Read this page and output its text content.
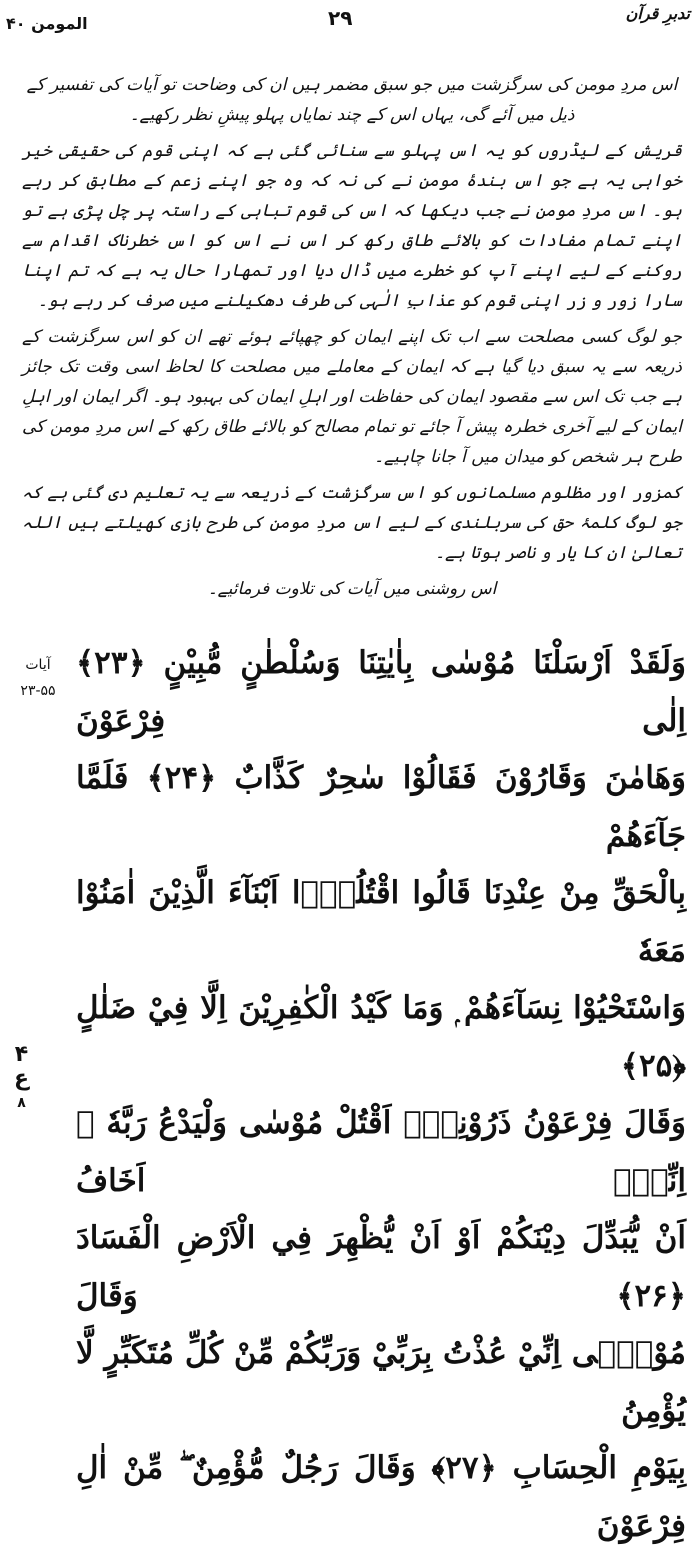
المومن ۴۰	۲۹	تدبرِ قرآن

اس مردِ مومن کی سرگزشت میں جو سبق مضمر ہیں ان کی وضاحت تو آیات کی تفسیر کے ذیل میں آئے گی، یہاں اس کے چند نمایاں پہلو پیشِ نظر رکھیے۔

قریش کے لیڈروں کو یہ اس پہلو سے سنائی گئی ہے کہ اپنی قوم کی حقیقی خیر خواہی یہ ہے جو اس بندۂ مومن نے کی نہ کہ وہ جو اپنے زعم کے مطابق کر رہے ہو۔ اس مردِ مومن نے جب دیکھا کہ اس کی قوم تباہی کے راستہ پر چل پڑی ہے تو اپنے تمام مفادات کو بالائے طاق رکھ کر اس نے اس کو اس خطرناک اقدام سے روکنے کے لیے اپنے آپ کو خطرے میں ڈال دیا اور تمھارا حال یہ ہے کہ تم اپنا سارا زور و زر اپنی قوم کو عذابِ الٰہی کی طرف دھکیلنے میں صرف کر رہے ہو۔

جو لوگ کسی مصلحت سے اب تک اپنے ایمان کو چھپائے ہوئے تھے ان کو اس سرگزشت کے ذریعہ سے یہ سبق دیا گیا ہے کہ ایمان کے معاملے میں مصلحت کا لحاظ اسی وقت تک جائز ہے جب تک اس سے مقصود ایمان کی حفاظت اور اہلِ ایمان کی بہبود ہو۔ اگر ایمان اور اہلِ ایمان کے لیے آخری خطرہ پیش آ جائے تو تمام مصالح کو بالائے طاق رکھ کے اس مردِ مومن کی طرح ہر شخص کو میدان میں آ جانا چاہیے۔

کمزور اور مظلوم مسلمانوں کو اس سرگزشت کے ذریعہ سے یہ تعلیم دی گئی ہے کہ جو لوگ کلمۂ حق کی سربلندی کے لیے اس مردِ مومن کی طرح بازی کھیلتے ہیں اللہ تعالیٰ ان کا یار و ناصر ہوتا ہے۔

اس روشنی میں آیات کی تلاوت فرمائیے۔

آیات
۲۳-۵۵

وَلَقَدْ اَرْسَلْنَا مُوْسٰى بِاٰيٰتِنَا وَسُلْطٰنٍ مُّبِيْنٍ ﴿۲۳﴾ اِلٰى فِرْعَوْنَ

وَهَامٰنَ وَقَارُوْنَ فَقَالُوْا سٰحِرٌ كَذَّابٌ ﴿۲۴﴾ فَلَمَّا جَآءَهُمْ

بِالْحَقِّ مِنْ عِنْدِنَا قَالُوا اقْتُلُوْۤا اَبْنَآءَ الَّذِيْنَ اٰمَنُوْا مَعَهٗ

وَاسْتَحْيُوْا نِسَآءَهُمْ ۭ وَمَا كَيْدُ الْكٰفِرِيْنَ اِلَّا فِيْ ضَلٰلٍ ﴿۲۵﴾

وَقَالَ فِرْعَوْنُ ذَرُوْنِيْۤ اَقْتُلْ مُوْسٰى وَلْيَدْعُ رَبَّهٗ ۚ اِنِّيْۤ اَخَافُ

اَنْ يُّبَدِّلَ دِيْنَكُمْ اَوْ اَنْ يُّظْهِرَ فِي الْاَرْضِ الْفَسَادَ ﴿۲۶﴾ وَقَالَ

مُوْسٰۤى اِنِّيْ عُذْتُ بِرَبِّيْ وَرَبِّكُمْ مِّنْ كُلِّ مُتَكَبِّرٍ لَّا يُؤْمِنُ

بِيَوْمِ الْحِسَابِ ﴿۲۷﴾ وَقَالَ رَجُلٌ مُّؤْمِنٌ ۖ مِّنْ اٰلِ فِرْعَوْنَ

۴
ع
۸
